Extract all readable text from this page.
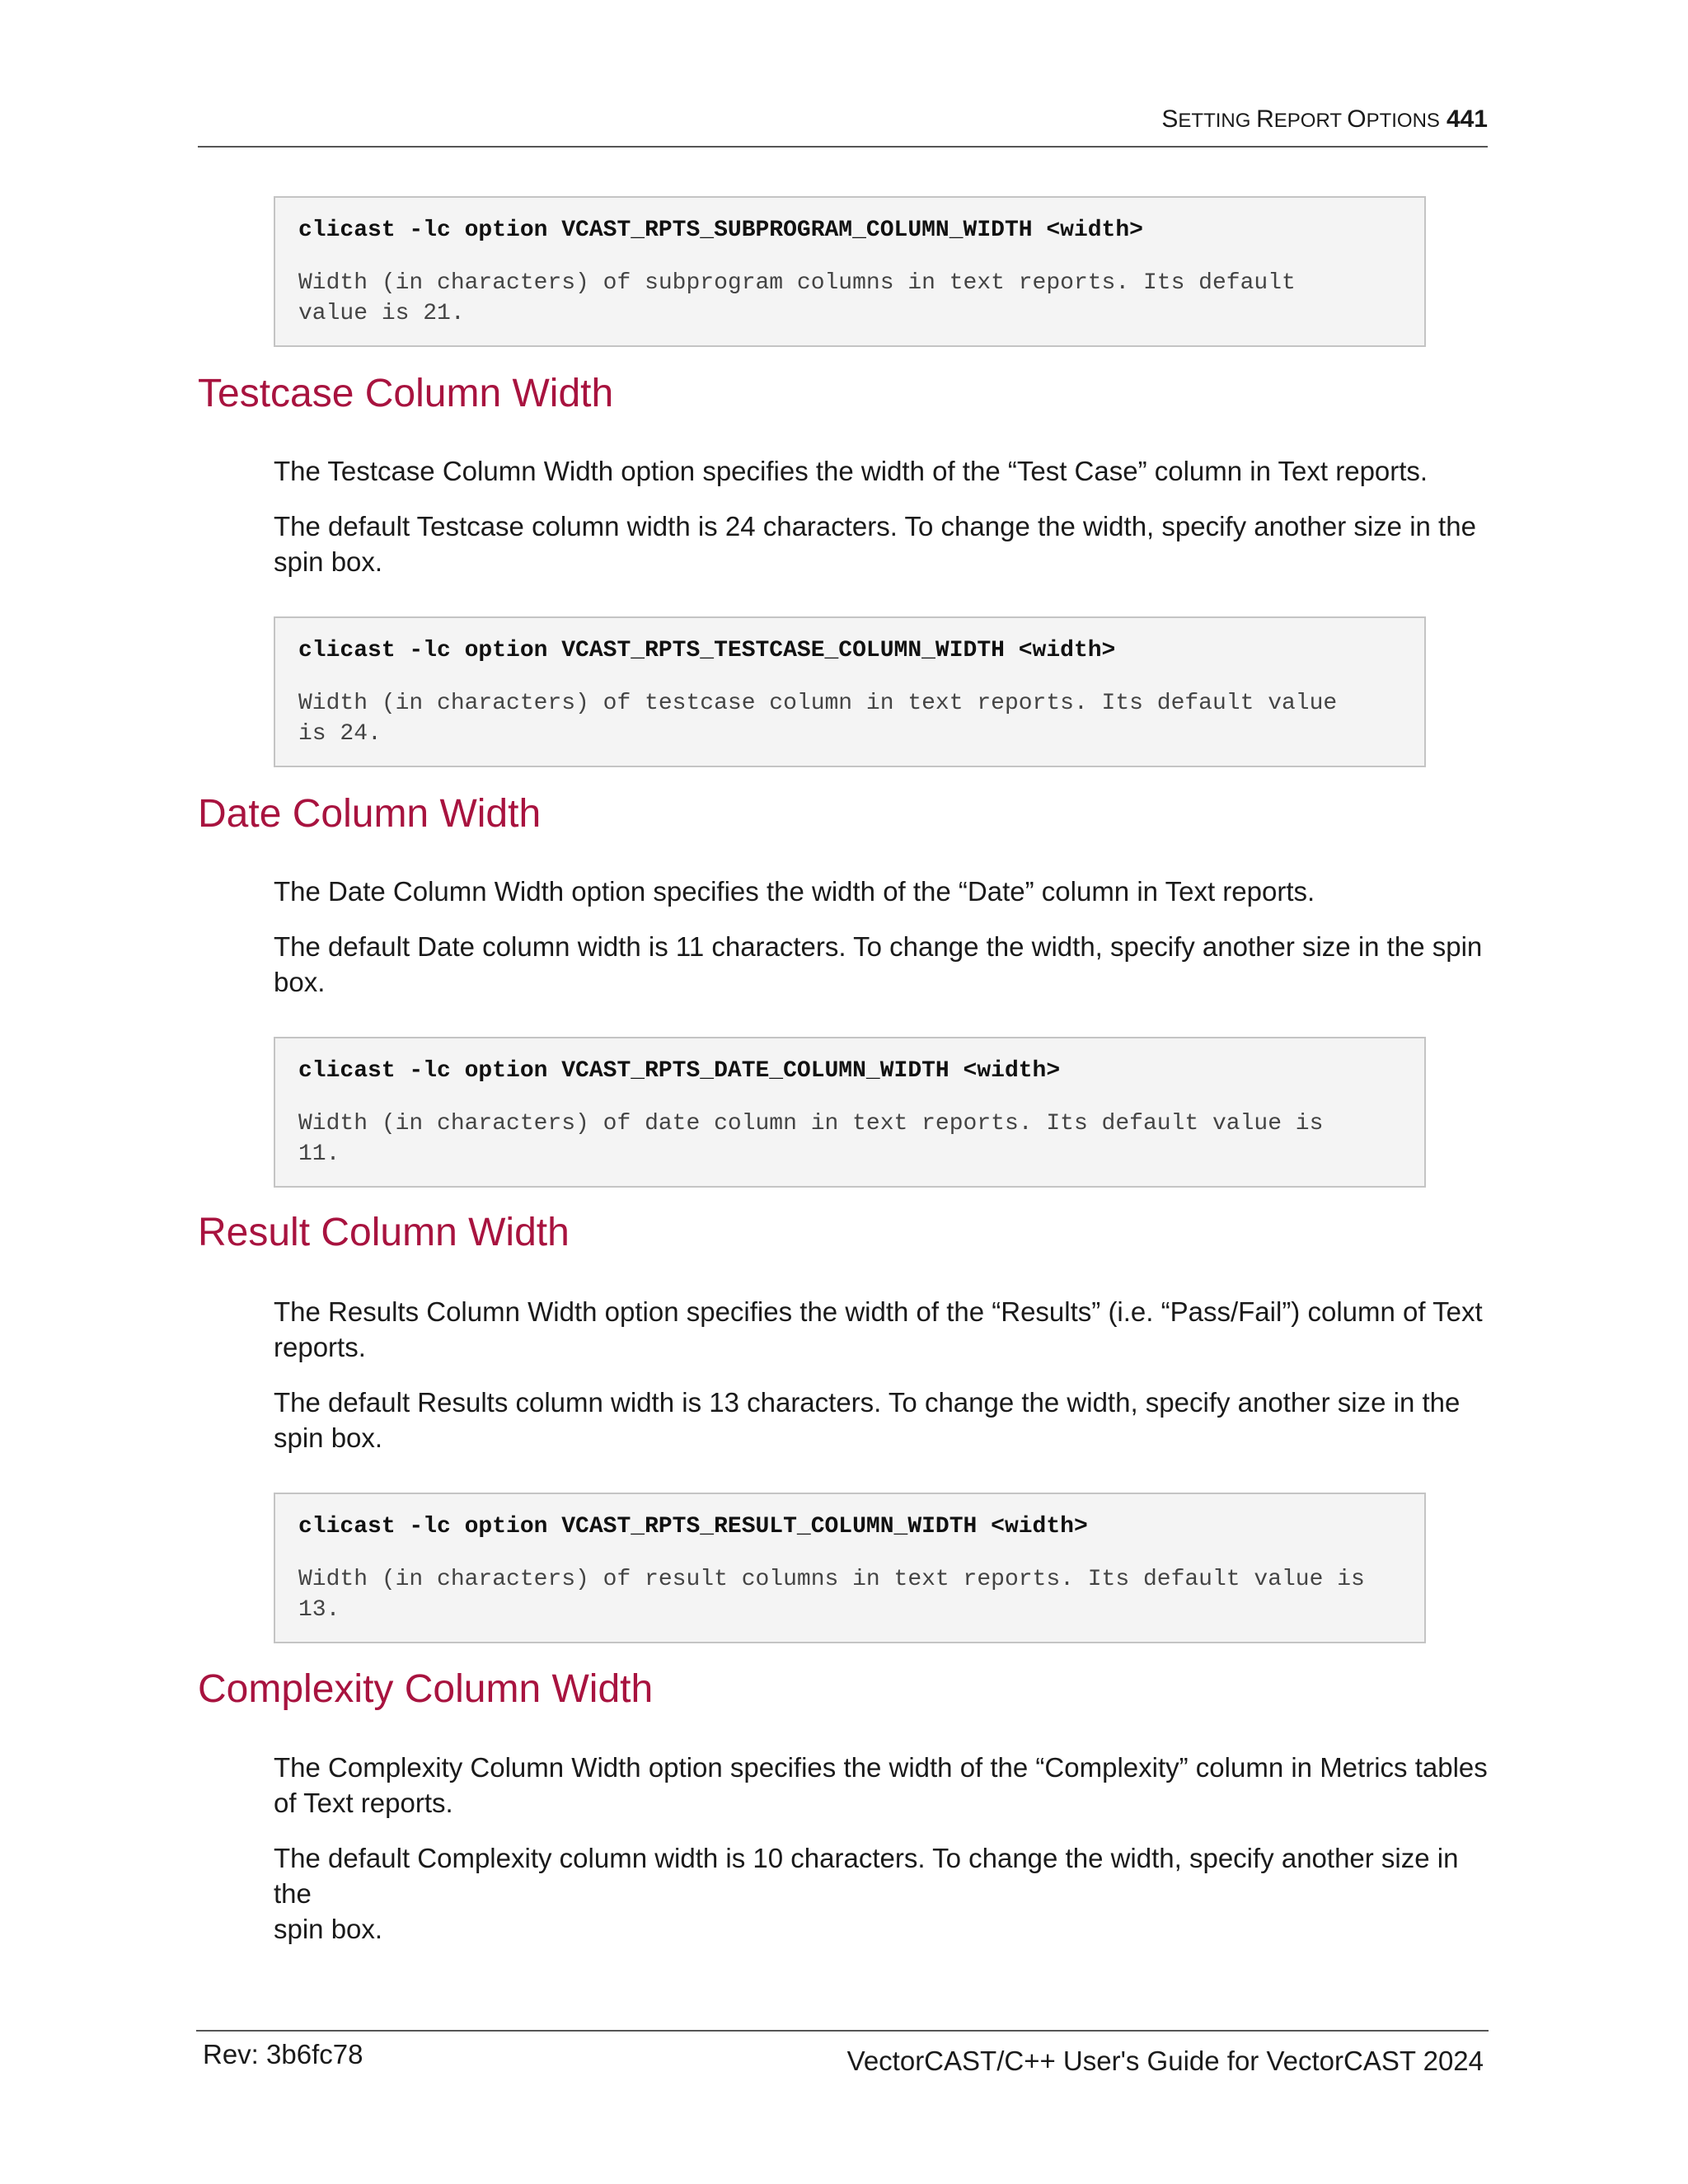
SETTING REPORT OPTIONS 441
clicast -lc option VCAST_RPTS_SUBPROGRAM_COLUMN_WIDTH <width>
Width (in characters) of subprogram columns in text reports. Its default
value is 21.
Testcase Column Width

The Testcase Column Width option specifies the width of the “Test Case” column in Text reports.

The default Testcase column width is 24 characters. To change the width, specify another size in the
spin box.

clicast -lc option VCAST_RPTS_TESTCASE_COLUMN_WIDTH <width>
Width (in characters) of testcase column in text reports. Its default value
is 24.
Date Column Width

The Date Column Width option specifies the width of the “Date” column in Text reports.

The default Date column width is 11 characters. To change the width, specify another size in the spin
box.

clicast -lc option VCAST_RPTS_DATE_COLUMN_WIDTH <width>
Width (in characters) of date column in text reports. Its default value is
11.
Result Column Width

The Results Column Width option specifies the width of the “Results” (i.e. “Pass/Fail”) column of Text
reports.

The default Results column width is 13 characters. To change the width, specify another size in the
spin box.

clicast -lc option VCAST_RPTS_RESULT_COLUMN_WIDTH <width>
Width (in characters) of result columns in text reports. Its default value is
13.
Complexity Column Width

The Complexity Column Width option specifies the width of the “Complexity” column in Metrics tables
of Text reports.

The default Complexity column width is 10 characters. To change the width, specify another size in the
spin box.

Rev: 3b6fc78	VectorCAST/C++ User's Guide for VectorCAST 2024
